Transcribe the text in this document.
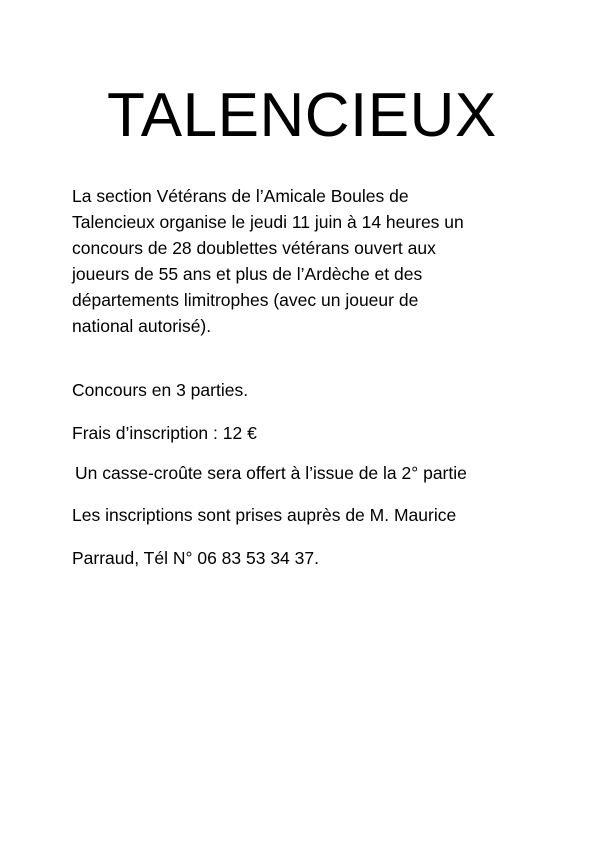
TALENCIEUX
La section Vétérans de l’Amicale Boules de
Talencieux organise le jeudi 11 juin à 14 heures un
concours de 28 doublettes vétérans ouvert aux
joueurs de 55 ans et plus de l’Ardèche et des
départements limitrophes (avec un joueur de
national autorisé).
Concours en 3 parties.
Frais d’inscription : 12 €
Un casse-croûte sera offert à l’issue de la 2° partie
Les inscriptions sont prises auprès de M. Maurice
Parraud, Tél N° 06 83 53 34 37.
